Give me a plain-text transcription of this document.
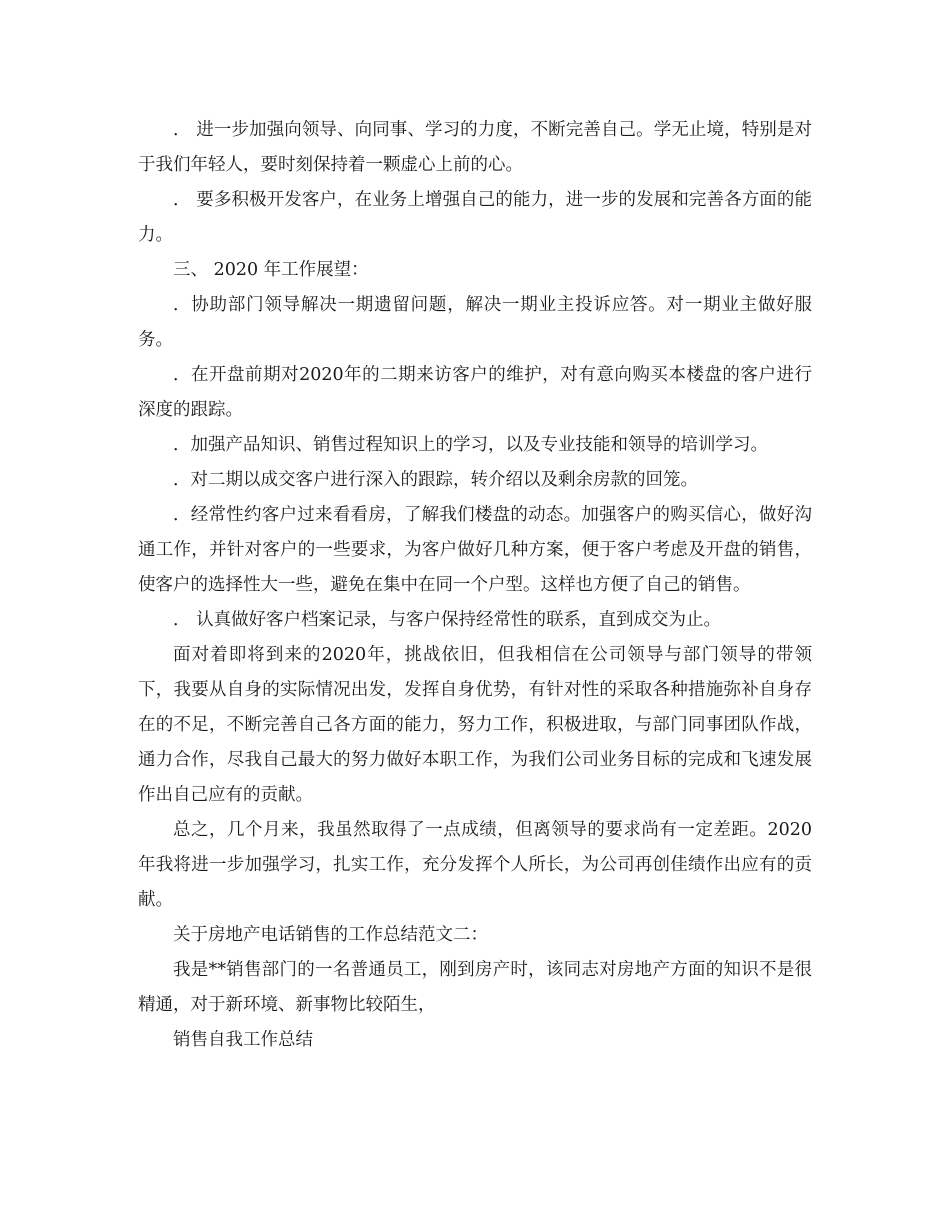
． 进一步加强向领导、向同事、学习的力度，不断完善自己。学无止境，特别是对于我们年轻人，要时刻保持着一颗虚心上前的心。

． 要多积极开发客户，在业务上增强自己的能力，进一步的发展和完善各方面的能力。

三、 2020 年工作展望：

．协助部门领导解决一期遗留问题，解决一期业主投诉应答。对一期业主做好服务。

．在开盘前期对2020年的二期来访客户的维护，对有意向购买本楼盘的客户进行深度的跟踪。

．加强产品知识、销售过程知识上的学习，以及专业技能和领导的培训学习。

．对二期以成交客户进行深入的跟踪，转介绍以及剩余房款的回笼。

．经常性约客户过来看看房，了解我们楼盘的动态。加强客户的购买信心，做好沟通工作，并针对客户的一些要求，为客户做好几种方案，便于客户考虑及开盘的销售，使客户的选择性大一些，避免在集中在同一个户型。这样也方便了自己的销售。

． 认真做好客户档案记录，与客户保持经常性的联系，直到成交为止。

面对着即将到来的2020年，挑战依旧，但我相信在公司领导与部门领导的带领下，我要从自身的实际情况出发，发挥自身优势，有针对性的采取各种措施弥补自身存在的不足，不断完善自己各方面的能力，努力工作，积极进取，与部门同事团队作战，通力合作，尽我自己最大的努力做好本职工作，为我们公司业务目标的完成和飞速发展作出自己应有的贡献。

总之，几个月来，我虽然取得了一点成绩，但离领导的要求尚有一定差距。2020年我将进一步加强学习，扎实工作，充分发挥个人所长，为公司再创佳绩作出应有的贡献。

关于房地产电话销售的工作总结范文二：

我是**销售部门的一名普通员工，刚到房产时，该同志对房地产方面的知识不是很精通，对于新环境、新事物比较陌生，

销售自我工作总结
